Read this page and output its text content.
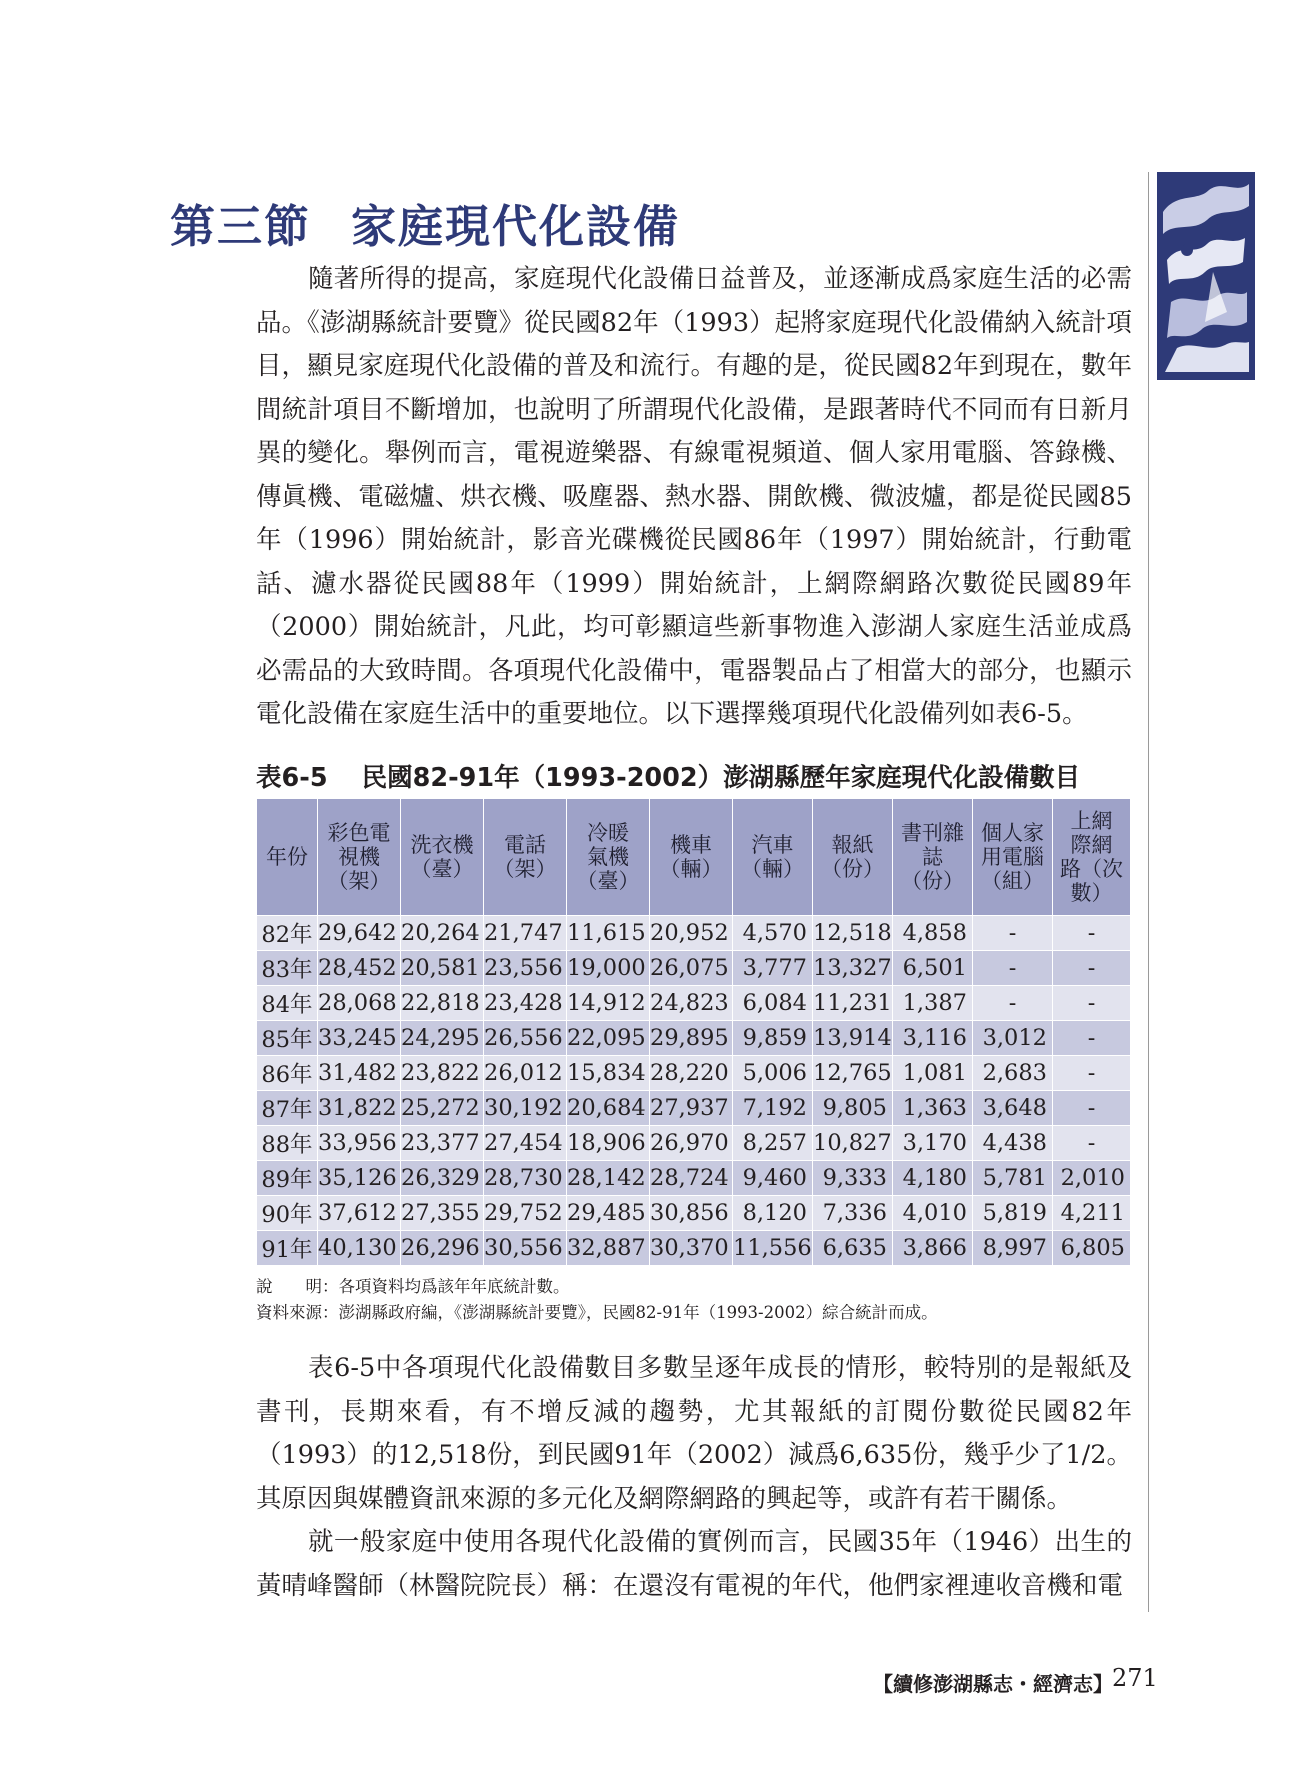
第三節 家庭現代化設備

隨著所得的提高，家庭現代化設備日益普及，並逐漸成爲家庭生活的必需品。《澎湖縣統計要覽》從民國82年（1993）起將家庭現代化設備納入統計項目，顯見家庭現代化設備的普及和流行。有趣的是，從民國82年到現在，數年間統計項目不斷增加，也說明了所謂現代化設備，是跟著時代不同而有日新月異的變化。舉例而言，電視遊樂器、有線電視頻道、個人家用電腦、答錄機、傳眞機、電磁爐、烘衣機、吸塵器、熱水器、開飲機、微波爐，都是從民國85年（1996）開始統計，影音光碟機從民國86年（1997）開始統計，行動電話、濾水器從民國88年（1999）開始統計，上網際網路次數從民國89年（2000）開始統計，凡此，均可彰顯這些新事物進入澎湖人家庭生活並成爲必需品的大致時間。各項現代化設備中，電器製品占了相當大的部分，也顯示電化設備在家庭生活中的重要地位。以下選擇幾項現代化設備列如表6-5。

表6-5 民國82-91年（1993-2002）澎湖縣歷年家庭現代化設備數目
年份	彩色電
視機
（架）	洗衣機
（臺）	電話
（架）	冷暖
氣機
（臺）	機車
（輛）	汽車
（輛）	報紙
（份）	書刊雜
誌
（份）	個人家
用電腦
（組）	上網
際網
路（次
數）
82年	29,642	20,264	21,747	11,615	20,952	4,570	12,518	4,858	-	-
83年	28,452	20,581	23,556	19,000	26,075	3,777	13,327	6,501	-	-
84年	28,068	22,818	23,428	14,912	24,823	6,084	11,231	1,387	-	-
85年	33,245	24,295	26,556	22,095	29,895	9,859	13,914	3,116	3,012	-
86年	31,482	23,822	26,012	15,834	28,220	5,006	12,765	1,081	2,683	-
87年	31,822	25,272	30,192	20,684	27,937	7,192	9,805	1,363	3,648	-
88年	33,956	23,377	27,454	18,906	26,970	8,257	10,827	3,170	4,438	-
89年	35,126	26,329	28,730	28,142	28,724	9,460	9,333	4,180	5,781	2,010
90年	37,612	27,355	29,752	29,485	30,856	8,120	7,336	4,010	5,819	4,211
91年	40,130	26,296	30,556	32,887	30,370	11,556	6,635	3,866	8,997	6,805
說　　明：各項資料均爲該年年底統計數。
資料來源：澎湖縣政府編，《澎湖縣統計要覽》，民國82-91年（1993-2002）綜合統計而成。

表6-5中各項現代化設備數目多數呈逐年成長的情形，較特別的是報紙及書刊，長期來看，有不增反減的趨勢，尤其報紙的訂閱份數從民國82年（1993）的12,518份，到民國91年（2002）減爲6,635份，幾乎少了1/2。其原因與媒體資訊來源的多元化及網際網路的興起等，或許有若干關係。

就一般家庭中使用各現代化設備的實例而言，民國35年（1946）出生的黃晴峰醫師（林醫院院長）稱：在還沒有電視的年代，他們家裡連收音機和電

【續修澎湖縣志・經濟志】 271
